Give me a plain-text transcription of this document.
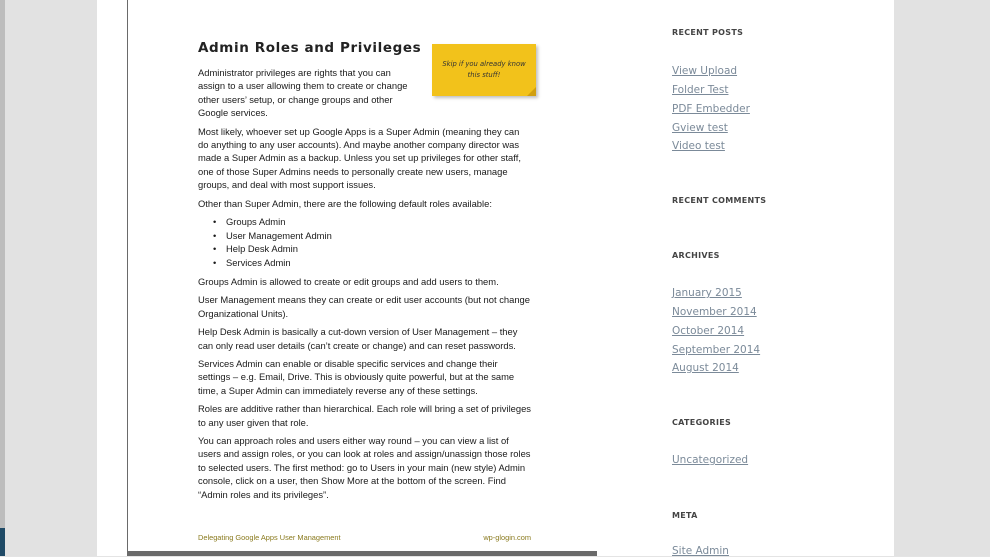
Admin Roles and Privileges

Administrator privileges are rights that you can assign to a user allowing them to create or change other users’ setup, or change groups and other Google services.

Most likely, whoever set up Google Apps is a Super Admin (meaning they can do anything to any user accounts). And maybe another company director was made a Super Admin as a backup. Unless you set up privileges for other staff, one of those Super Admins needs to personally create new users, manage groups, and deal with most support issues.

Other than Super Admin, there are the following default roles available:

• Groups Admin
• User Management Admin
• Help Desk Admin
• Services Admin

Groups Admin is allowed to create or edit groups and add users to them.

User Management means they can create or edit user accounts (but not change Organizational Units).

Help Desk Admin is basically a cut-down version of User Management – they can only read user details (can’t create or change) and can reset passwords.

Services Admin can enable or disable specific services and change their settings – e.g. Email, Drive. This is obviously quite powerful, but at the same time, a Super Admin can immediately reverse any of these settings.

Roles are additive rather than hierarchical. Each role will bring a set of privileges to any user given that role.

You can approach roles and users either way round – you can view a list of users and assign roles, or you can look at roles and assign/unassign those roles to selected users. The first method: go to Users in your main (new style) Admin console, click on a user, then Show More at the bottom of the screen. Find “Admin roles and its privileges”.

Skip if you already know this stuff!
Delegating Google Apps User Management	wp-glogin.com
RECENT POSTS
View Upload
Folder Test
PDF Embedder
Gview test
Video test
RECENT COMMENTS
ARCHIVES
January 2015
November 2014
October 2014
September 2014
August 2014
CATEGORIES
Uncategorized
META
Site Admin
